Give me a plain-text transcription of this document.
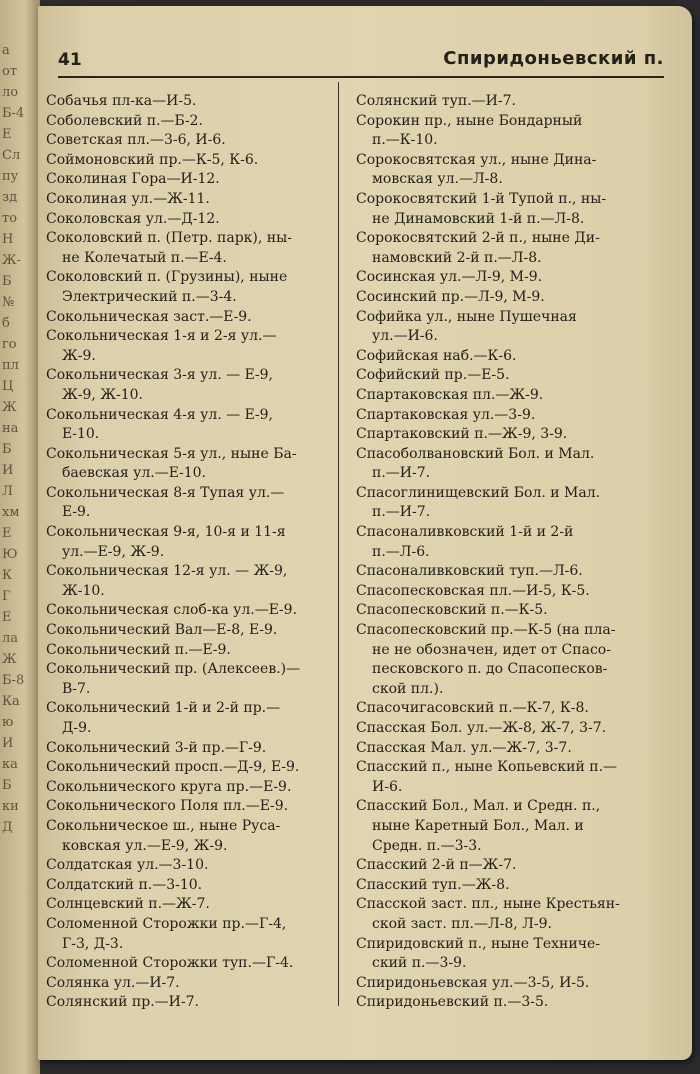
а
от
ло
Б-4
Е
Сл
пу
зд
то
Н
Ж-
Б
№
б
го
пл
Ц
Ж
на
Б
И
Л
хм
Е
Ю
К
Г
Е
ла
Ж
Б-8
Ка
ю
И
ка
Б
ки
Д
41	Спиридоньевский п.
Собачья пл-ка—И-5.
Соболевский п.—Б-2.
Советская пл.—3-6, И-6.
Соймоновский пр.—К-5, К-6.
Соколиная Гора—И-12.
Соколиная ул.—Ж-11.
Соколовская ул.—Д-12.
Соколовский п. (Петр. парк), ны-
не Колечатый п.—Е-4.
Соколовский п. (Грузины), ныне
Электрический п.—3-4.
Сокольническая заст.—Е-9.
Сокольническая 1-я и 2-я ул.—
Ж-9.
Сокольническая 3-я ул. — Е-9,
Ж-9, Ж-10.
Сокольническая 4-я ул. — Е-9,
Е-10.
Сокольническая 5-я ул., ныне Ба-
баевская ул.—Е-10.
Сокольническая 8-я Тупая ул.—
Е-9.
Сокольническая 9-я, 10-я и 11-я
ул.—Е-9, Ж-9.
Сокольническая 12-я ул. — Ж-9,
Ж-10.
Сокольническая слоб-ка ул.—Е-9.
Сокольнический Вал—Е-8, Е-9.
Сокольнический п.—Е-9.
Сокольнический пр. (Алексеев.)—
В-7.
Сокольнический 1-й и 2-й пр.—
Д-9.
Сокольнический 3-й пр.—Г-9.
Сокольнический просп.—Д-9, Е-9.
Сокольнического круга пр.—Е-9.
Сокольнического Поля пл.—Е-9.
Сокольническое ш., ныне Руса-
ковская ул.—Е-9, Ж-9.
Солдатская ул.—3-10.
Солдатский п.—3-10.
Солнцевский п.—Ж-7.
Соломенной Сторожки пр.—Г-4,
Г-3, Д-3.
Соломенной Сторожки туп.—Г-4.
Солянка ул.—И-7.
Солянский пр.—И-7.
Солянский туп.—И-7.
Сорокин пр., ныне Бондарный
п.—К-10.
Сорокосвятская ул., ныне Дина-
мовская ул.—Л-8.
Сорокосвятский 1-й Тупой п., ны-
не Динамовский 1-й п.—Л-8.
Сорокосвятский 2-й п., ныне Ди-
намовский 2-й п.—Л-8.
Сосинская ул.—Л-9, М-9.
Сосинский пр.—Л-9, М-9.
Софийка ул., ныне Пушечная
ул.—И-6.
Софийская наб.—К-6.
Софийский пр.—Е-5.
Спартаковская пл.—Ж-9.
Спартаковская ул.—3-9.
Спартаковский п.—Ж-9, 3-9.
Спасоболвановский Бол. и Мал.
п.—И-7.
Спасоглинищевский Бол. и Мал.
п.—И-7.
Спасоналивковский 1-й и 2-й
п.—Л-6.
Спасоналивковский туп.—Л-6.
Спасопесковская пл.—И-5, К-5.
Спасопесковский п.—К-5.
Спасопесковский пр.—К-5 (на пла-
не не обозначен, идет от Спасо-
песковского п. до Спасопесков-
ской пл.).
Спасочигасовский п.—К-7, К-8.
Спасская Бол. ул.—Ж-8, Ж-7, 3-7.
Спасская Мал. ул.—Ж-7, 3-7.
Спасский п., ныне Копьевский п.—
И-6.
Спасский Бол., Мал. и Средн. п.,
ныне Каретный Бол., Мал. и
Средн. п.—3-3.
Спасский 2-й п—Ж-7.
Спасский туп.—Ж-8.
Спасской заст. пл., ныне Крестьян-
ской заст. пл.—Л-8, Л-9.
Спиридовский п., ныне Техниче-
ский п.—3-9.
Спиридоньевская ул.—3-5, И-5.
Спиридоньевский п.—3-5.
